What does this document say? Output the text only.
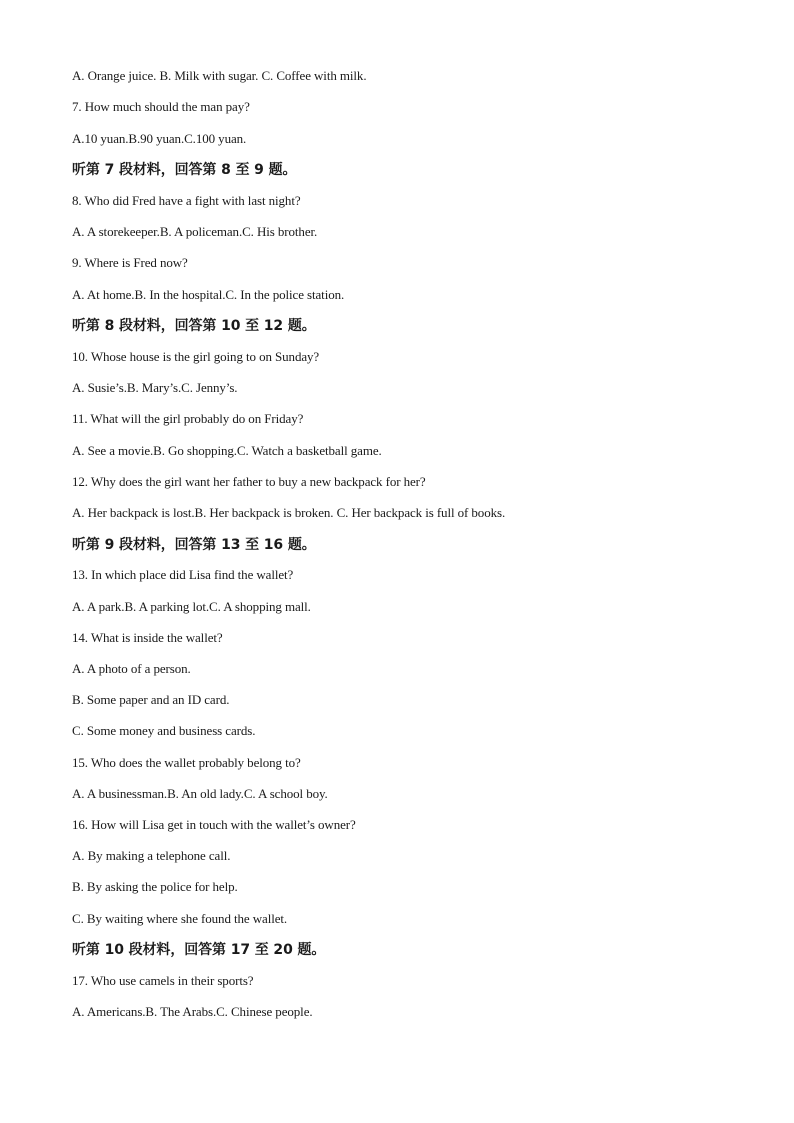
A. Orange juice. B. Milk with sugar. C. Coffee with milk.
7. How much should the man pay?
A.10 yuan.B.90 yuan.C.100 yuan.
听第 7 段材料，回答第 8 至 9 题。
8. Who did Fred have a fight with last night?
A. A storekeeper.B. A policeman.C. His brother.
9. Where is Fred now?
A. At home.B. In the hospital.C. In the police station.
听第 8 段材料，回答第 10 至 12 题。
10. Whose house is the girl going to on Sunday?
A. Susie’s.B. Mary’s.C. Jenny’s.
11. What will the girl probably do on Friday?
A. See a movie.B. Go shopping.C. Watch a basketball game.
12. Why does the girl want her father to buy a new backpack for her?
A. Her backpack is lost.B. Her backpack is broken. C. Her backpack is full of books.
听第 9 段材料，回答第 13 至 16 题。
13. In which place did Lisa find the wallet?
A. A park.B. A parking lot.C. A shopping mall.
14. What is inside the wallet?
A. A photo of a person.
B. Some paper and an ID card.
C. Some money and business cards.
15. Who does the wallet probably belong to?
A. A businessman.B. An old lady.C. A school boy.
16. How will Lisa get in touch with the wallet’s owner?
A. By making a telephone call.
B. By asking the police for help.
C. By waiting where she found the wallet.
听第 10 段材料，回答第 17 至 20 题。
17. Who use camels in their sports?
A. Americans.B. The Arabs.C. Chinese people.
